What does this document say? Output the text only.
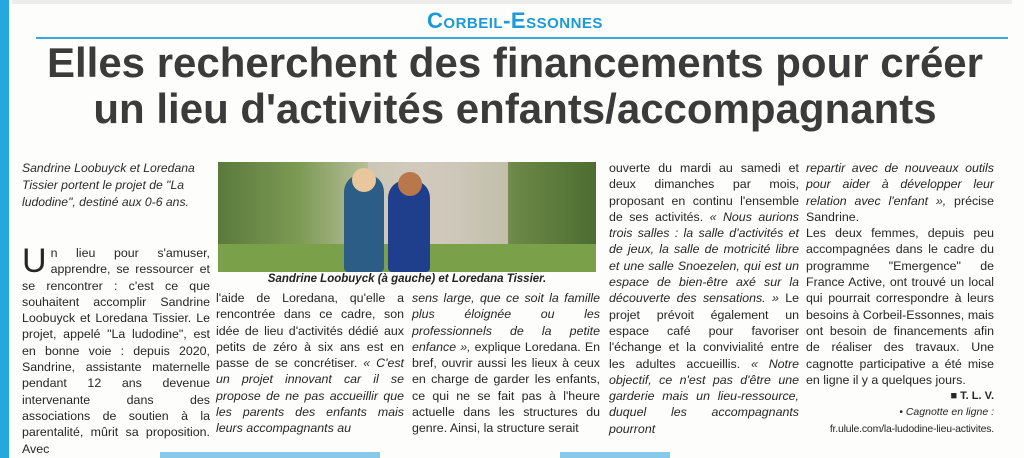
Corbeil-Essonnes
Elles recherchent des financements pour créer un lieu d'activités enfants/accompagnants
Sandrine Loobuyck et Loredana Tissier portent le projet de "La ludodine", destiné aux 0-6 ans.
Un lieu pour s'amuser, apprendre, se ressourcer et se rencontrer : c'est ce que souhaitent accomplir Sandrine Loobuyck et Loredana Tissier. Le projet, appelé "La ludodine", est en bonne voie : depuis 2020, Sandrine, assistante maternelle pendant 12 ans devenue intervenante dans des associations de soutien à la parentalité, mûrit sa proposition. Avec
Sandrine Loobuyck (à gauche) et Loredana Tissier.
l'aide de Loredana, qu'elle a rencontrée dans ce cadre, son idée de lieu d'activités dédié aux petits de zéro à six ans est en passe de se concrétiser. « C'est un projet innovant car il se propose de ne pas accueillir que les parents des enfants mais leurs accompagnants au
sens large, que ce soit la famille plus éloignée ou les professionnels de la petite enfance », explique Loredana. En bref, ouvrir aussi les lieux à ceux en charge de garder les enfants, ce qui ne se fait pas à l'heure actuelle dans les structures du genre. Ainsi, la structure serait
ouverte du mardi au samedi et deux dimanches par mois, proposant en continu l'ensemble de ses activités. « Nous aurions trois salles : la salle d'activités et de jeux, la salle de motricité libre et une salle Snoezelen, qui est un espace de bien-être axé sur la découverte des sensations. » Le projet prévoit également un espace café pour favoriser l'échange et la convivialité entre les adultes accueillis. « Notre objectif, ce n'est pas d'être une garderie mais un lieu-ressource, duquel les accompagnants pourront
repartir avec de nouveaux outils pour aider à développer leur relation avec l'enfant », précise Sandrine.

Les deux femmes, depuis peu accompagnées dans le cadre du programme "Emergence" de France Active, ont trouvé un local qui pourrait correspondre à leurs besoins à Corbeil-Essonnes, mais ont besoin de financements afin de réaliser des travaux. Une cagnotte participative a été mise en ligne il y a quelques jours.

■ T. L. V.

• Cagnotte en ligne :

fr.ulule.com/la-ludodine-lieu-activites.
